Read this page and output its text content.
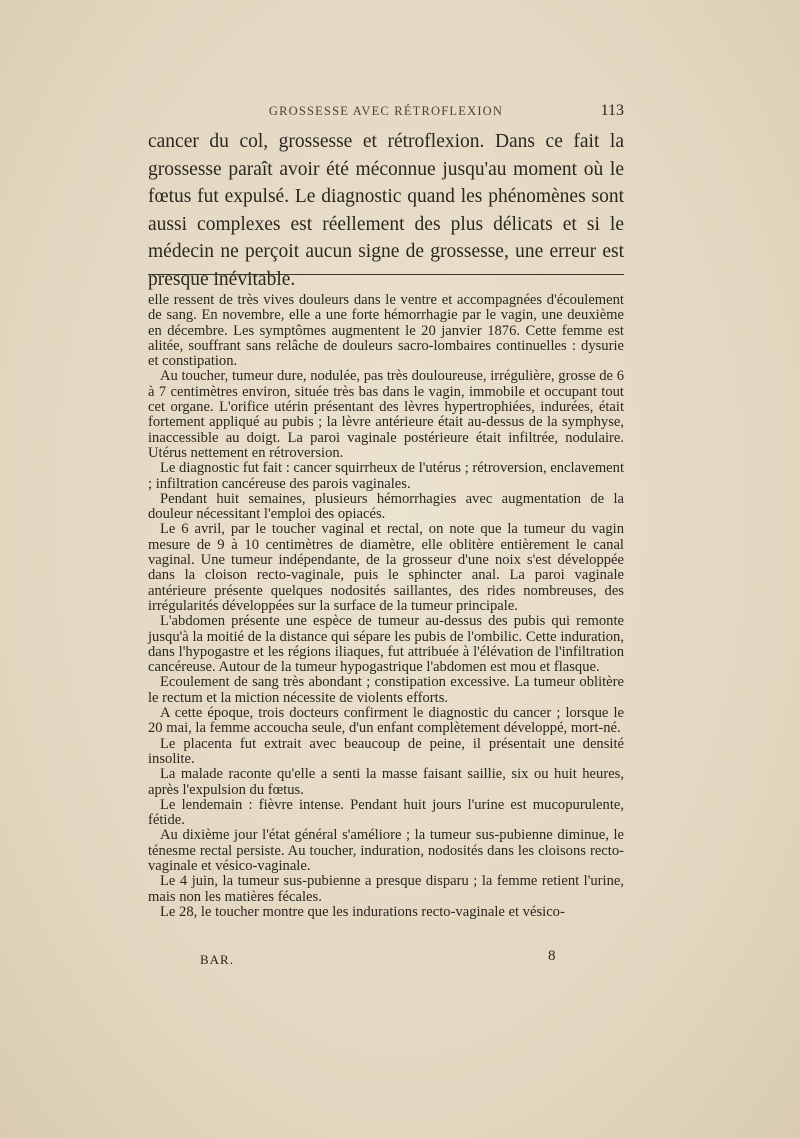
GROSSESSE AVEC RÉTROFLEXION	113

cancer du col, grossesse et rétroflexion. Dans ce fait la grossesse paraît avoir été méconnue jusqu'au moment où le fœtus fut expulsé. Le diagnostic quand les phénomènes sont aussi complexes est réellement des plus délicats et si le médecin ne perçoit aucun signe de grossesse, une erreur est presque inévitable.

elle ressent de très vives douleurs dans le ventre et accompagnées d'écoulement de sang. En novembre, elle a une forte hémorrhagie par le vagin, une deuxième en décembre. Les symptômes augmentent le 20 janvier 1876. Cette femme est alitée, souffrant sans relâche de douleurs sacro-lombaires continuelles : dysurie et constipation.

Au toucher, tumeur dure, nodulée, pas très douloureuse, irrégulière, grosse de 6 à 7 centimètres environ, située très bas dans le vagin, immobile et occupant tout cet organe. L'orifice utérin présentant des lèvres hypertrophiées, indurées, était fortement appliqué au pubis ; la lèvre antérieure était au-dessus de la symphyse, inaccessible au doigt. La paroi vaginale postérieure était infiltrée, nodulaire. Utérus nettement en rétroversion.

Le diagnostic fut fait : cancer squirrheux de l'utérus ; rétroversion, enclavement ; infiltration cancéreuse des parois vaginales.

Pendant huit semaines, plusieurs hémorrhagies avec augmentation de la douleur nécessitant l'emploi des opiacés.

Le 6 avril, par le toucher vaginal et rectal, on note que la tumeur du vagin mesure de 9 à 10 centimètres de diamètre, elle oblitère entièrement le canal vaginal. Une tumeur indépendante, de la grosseur d'une noix s'est développée dans la cloison recto-vaginale, puis le sphincter anal. La paroi vaginale antérieure présente quelques nodosités saillantes, des rides nombreuses, des irrégularités développées sur la surface de la tumeur principale.

L'abdomen présente une espèce de tumeur au-dessus des pubis qui remonte jusqu'à la moitié de la distance qui sépare les pubis de l'ombilic. Cette induration, dans l'hypogastre et les régions iliaques, fut attribuée à l'élévation de l'infiltration cancéreuse. Autour de la tumeur hypogastrique l'abdomen est mou et flasque.

Ecoulement de sang très abondant ; constipation excessive. La tumeur oblitère le rectum et la miction nécessite de violents efforts.

A cette époque, trois docteurs confirment le diagnostic du cancer ; lorsque le 20 mai, la femme accoucha seule, d'un enfant complètement développé, mort-né.

Le placenta fut extrait avec beaucoup de peine, il présentait une densité insolite.

La malade raconte qu'elle a senti la masse faisant saillie, six ou huit heures, après l'expulsion du fœtus.

Le lendemain : fièvre intense. Pendant huit jours l'urine est mucopurulente, fétide.

Au dixième jour l'état général s'améliore ; la tumeur sus-pubienne diminue, le ténesme rectal persiste. Au toucher, induration, nodosités dans les cloisons recto-vaginale et vésico-vaginale.

Le 4 juin, la tumeur sus-pubienne a presque disparu ; la femme retient l'urine, mais non les matières fécales.

Le 28, le toucher montre que les indurations recto-vaginale et vésico-

BAR.	8
